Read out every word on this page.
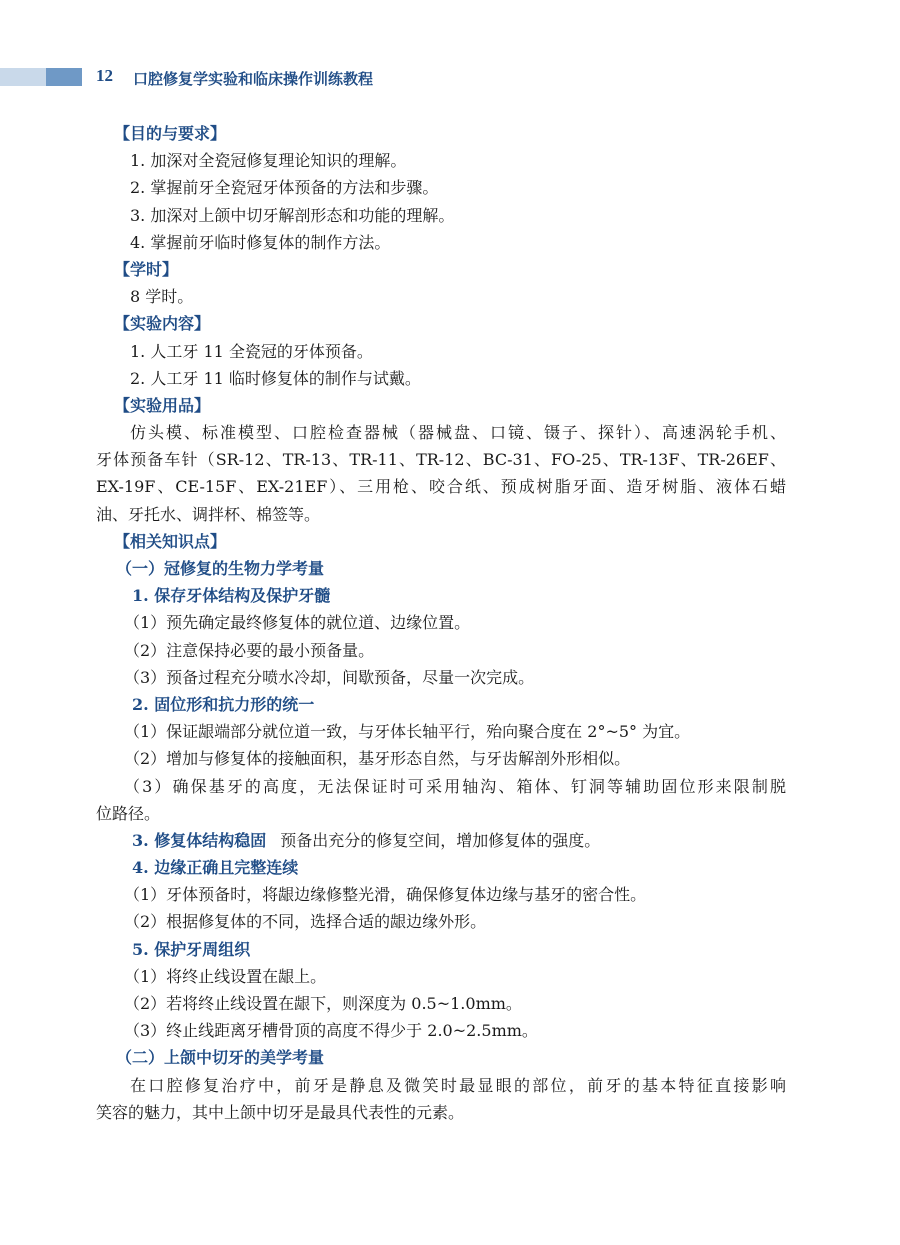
12 口腔修复学实验和临床操作训练教程
【目的与要求】
1. 加深对全瓷冠修复理论知识的理解。
2. 掌握前牙全瓷冠牙体预备的方法和步骤。
3. 加深对上颌中切牙解剖形态和功能的理解。
4. 掌握前牙临时修复体的制作方法。
【学时】
8 学时。
【实验内容】
1. 人工牙 11 全瓷冠的牙体预备。
2. 人工牙 11 临时修复体的制作与试戴。
【实验用品】
仿头模、标准模型、口腔检查器械（器械盘、口镜、镊子、探针）、高速涡轮手机、
牙体预备车针（SR-12、TR-13、TR-11、TR-12、BC-31、FO-25、TR-13F、TR-26EF、
EX-19F、CE-15F、EX-21EF）、三用枪、咬合纸、预成树脂牙面、造牙树脂、液体石蜡
油、牙托水、调拌杯、棉签等。
【相关知识点】
（一）冠修复的生物力学考量
1. 保存牙体结构及保护牙髓
（1）预先确定最终修复体的就位道、边缘位置。
（2）注意保持必要的最小预备量。
（3）预备过程充分喷水冷却，间歇预备，尽量一次完成。
2. 固位形和抗力形的统一
（1）保证龈端部分就位道一致，与牙体长轴平行，殆向聚合度在 2°~5° 为宜。
（2）增加与修复体的接触面积，基牙形态自然，与牙齿解剖外形相似。
（3）确保基牙的高度，无法保证时可采用轴沟、箱体、钉洞等辅助固位形来限制脱
位路径。
3. 修复体结构稳固 预备出充分的修复空间，增加修复体的强度。
4. 边缘正确且完整连续
（1）牙体预备时，将龈边缘修整光滑，确保修复体边缘与基牙的密合性。
（2）根据修复体的不同，选择合适的龈边缘外形。
5. 保护牙周组织
（1）将终止线设置在龈上。
（2）若将终止线设置在龈下，则深度为 0.5~1.0mm。
（3）终止线距离牙槽骨顶的高度不得少于 2.0~2.5mm。
（二）上颌中切牙的美学考量
在口腔修复治疗中，前牙是静息及微笑时最显眼的部位，前牙的基本特征直接影响
笑容的魅力，其中上颌中切牙是最具代表性的元素。
